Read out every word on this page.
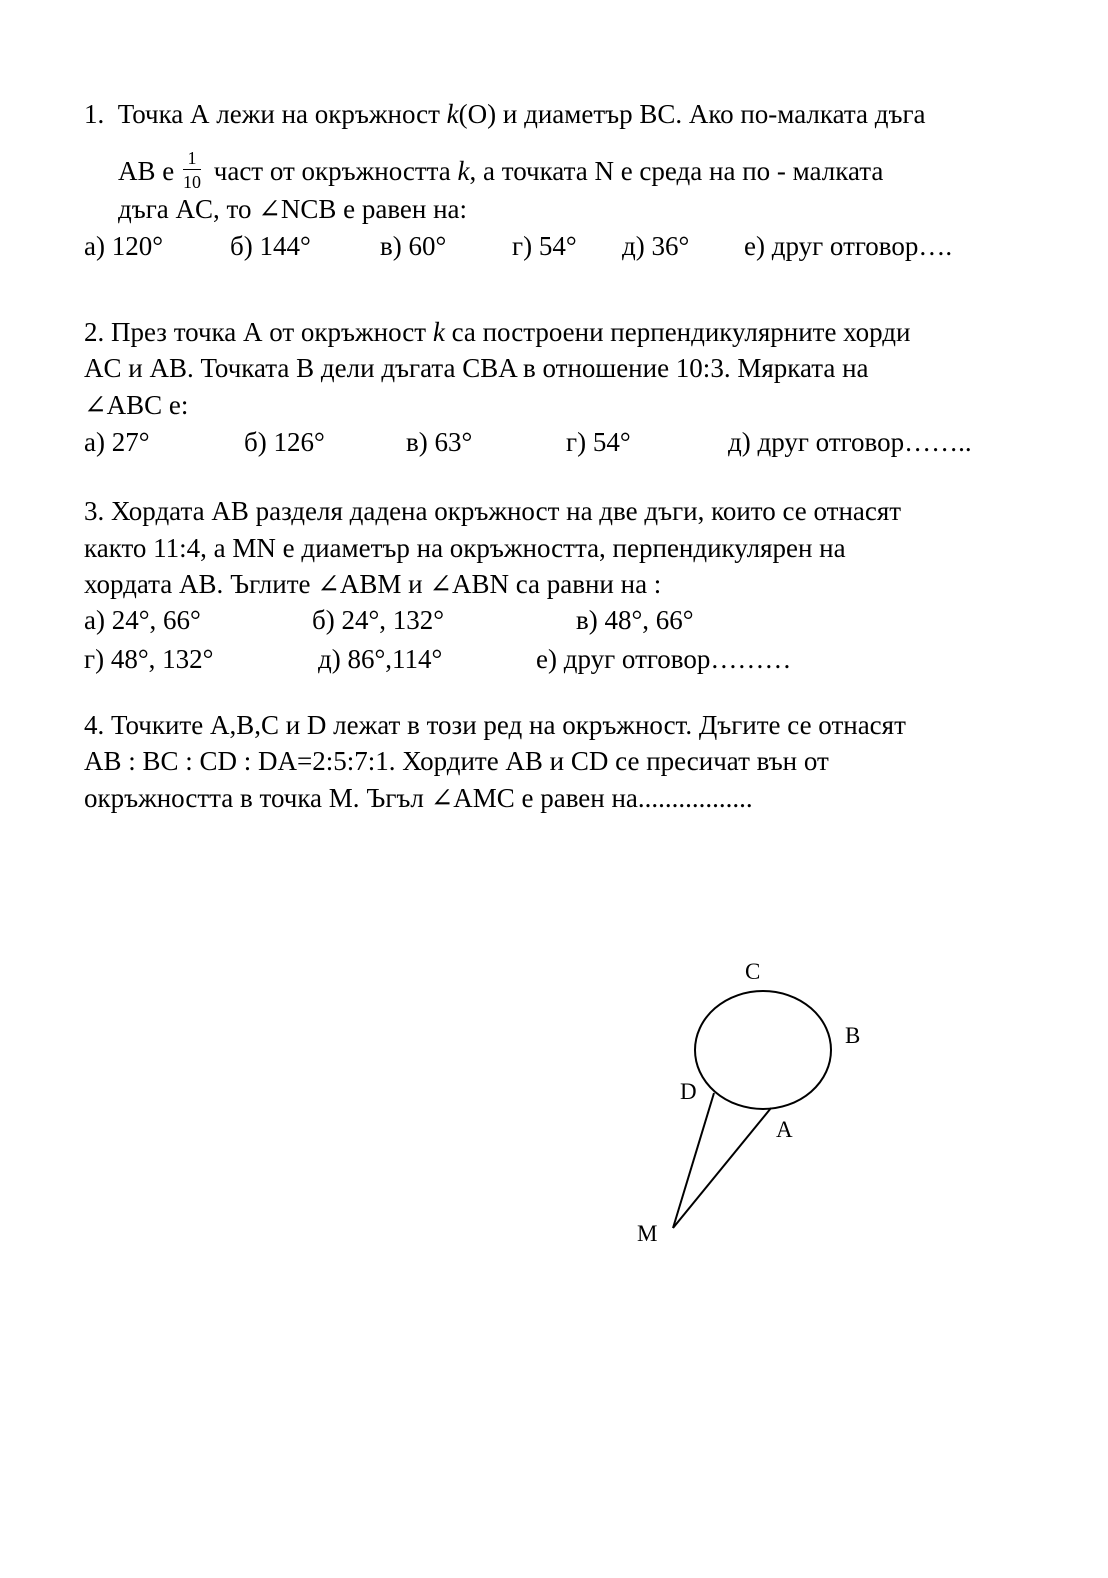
1. Точка А лежи на окръжност k(O) и диаметър BC. Ако по-малката дъга
AB е $\frac{1}{10}$ част от окръжността k, а точката N е среда на по - малката
дъга AC, то ∠NCB е равен на:
а) 120° б) 144°	в) 60° г) 54° д) 36° е) друг отговор….
2. През точка А от окръжност k са построени перпендикулярните хорди
AC и AB. Точката B дели дъгата CBA в отношение 10:3. Мярката на
∠ABC е:
а) 27°	б) 126°	в) 63°	г) 54°	д) друг отговор……..
3. Хордата AB разделя дадена окръжност на две дъги, които се отнасят
както 11:4, а MN е диаметър на окръжността, перпендикулярен на
хордата AB. Ъглите ∠ABM и ∠ABN са равни на :
а) 24°, 66°	б) 24°, 132°	в) 48°, 66°
г) 48°, 132°	д) 86°,114°	е) друг отговор………
4. Точките A,B,C и D лежат в този ред на окръжност. Дъгите се отнасят
AB : BC : CD : DA=2:5:7:1. Хордите AB и CD се пресичат вън от
окръжността в точка M. Ъгъл ∠AMC е равен на.................
C
B
D
A
M
